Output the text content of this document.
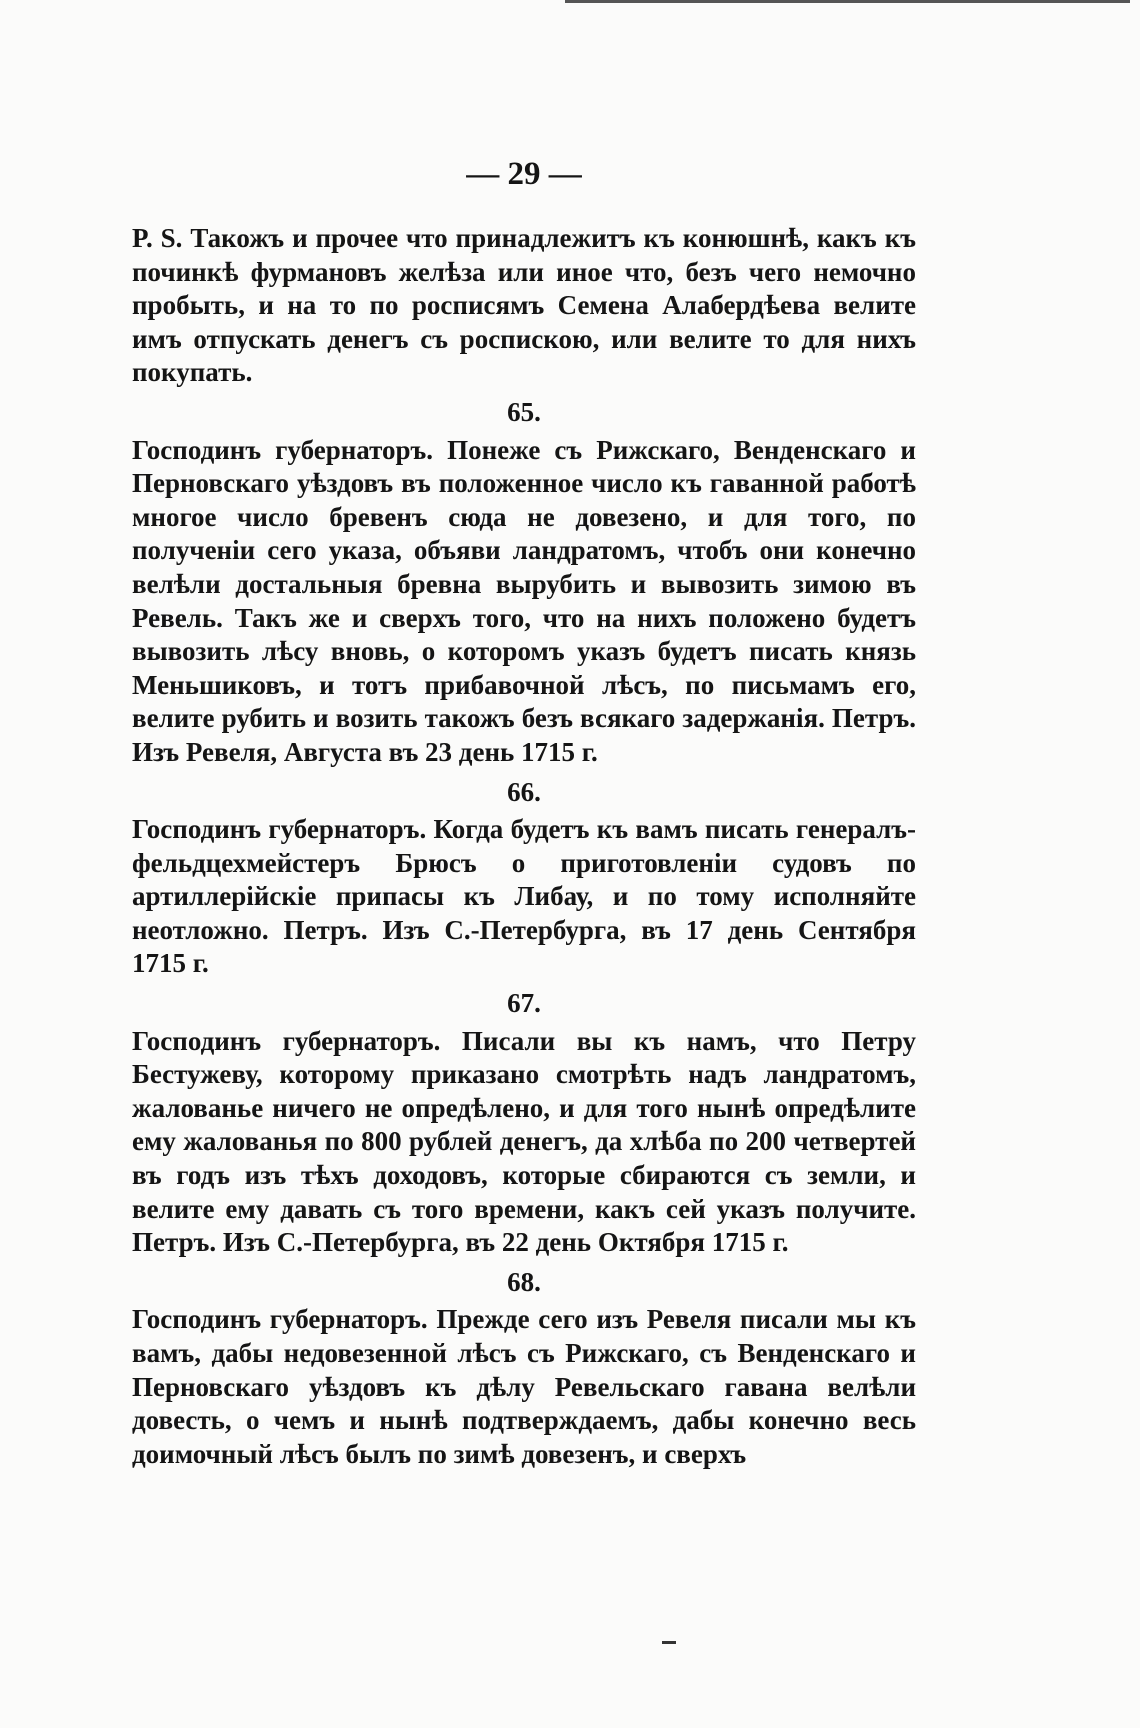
— 29 —

P. S. Такожъ и прочее что принадлежитъ къ конюшнѣ, какъ къ починкѣ фурмановъ желѣза или иное что, безъ чего немочно пробыть, и на то по росписямъ Семена Алабердѣева велите имъ отпускать денегъ съ роспискою, или велите то для нихъ покупать.

65.

Господинъ губернаторъ. Понеже съ Рижскаго, Венденскаго и Перновскаго уѣздовъ въ положенное число къ гаванной работѣ многое число бревенъ сюда не довезено, и для того, по полученіи сего указа, объяви ландратомъ, чтобъ они конечно велѣли достальныя бревна вырубить и вывозить зимою въ Ревель. Такъ же и сверхъ того, что на нихъ положено будетъ вывозить лѣсу вновь, о которомъ указъ будетъ писать князь Меньшиковъ, и тотъ прибавочной лѣсъ, по письмамъ его, велите рубить и возить такожъ безъ всякаго задержанія. Петръ. Изъ Ревеля, Августа въ 23 день 1715 г.

66.

Господинъ губернаторъ. Когда будетъ къ вамъ писать генералъ-фельдцехмейстеръ Брюсъ о приготовленіи судовъ по артиллерійскіе припасы къ Либау, и по тому исполняйте неотложно. Петръ. Изъ С.-Петербурга, въ 17 день Сентября 1715 г.

67.

Господинъ губернаторъ. Писали вы къ намъ, что Петру Бестужеву, которому приказано смотрѣть надъ ландратомъ, жалованье ничего не опредѣлено, и для того нынѣ опредѣлите ему жалованья по 800 рублей денегъ, да хлѣба по 200 четвертей въ годъ изъ тѣхъ доходовъ, которые сбираются съ земли, и велите ему давать съ того времени, какъ сей указъ получите. Петръ. Изъ С.-Петербурга, въ 22 день Октября 1715 г.

68.

Господинъ губернаторъ. Прежде сего изъ Ревеля писали мы къ вамъ, дабы недовезенной лѣсъ съ Рижскаго, съ Венденскаго и Перновскаго уѣздовъ къ дѣлу Ревельскаго гавана велѣли довесть, о чемъ и нынѣ подтверждаемъ, дабы конечно весь доимочный лѣсъ былъ по зимѣ довезенъ, и сверхъ
